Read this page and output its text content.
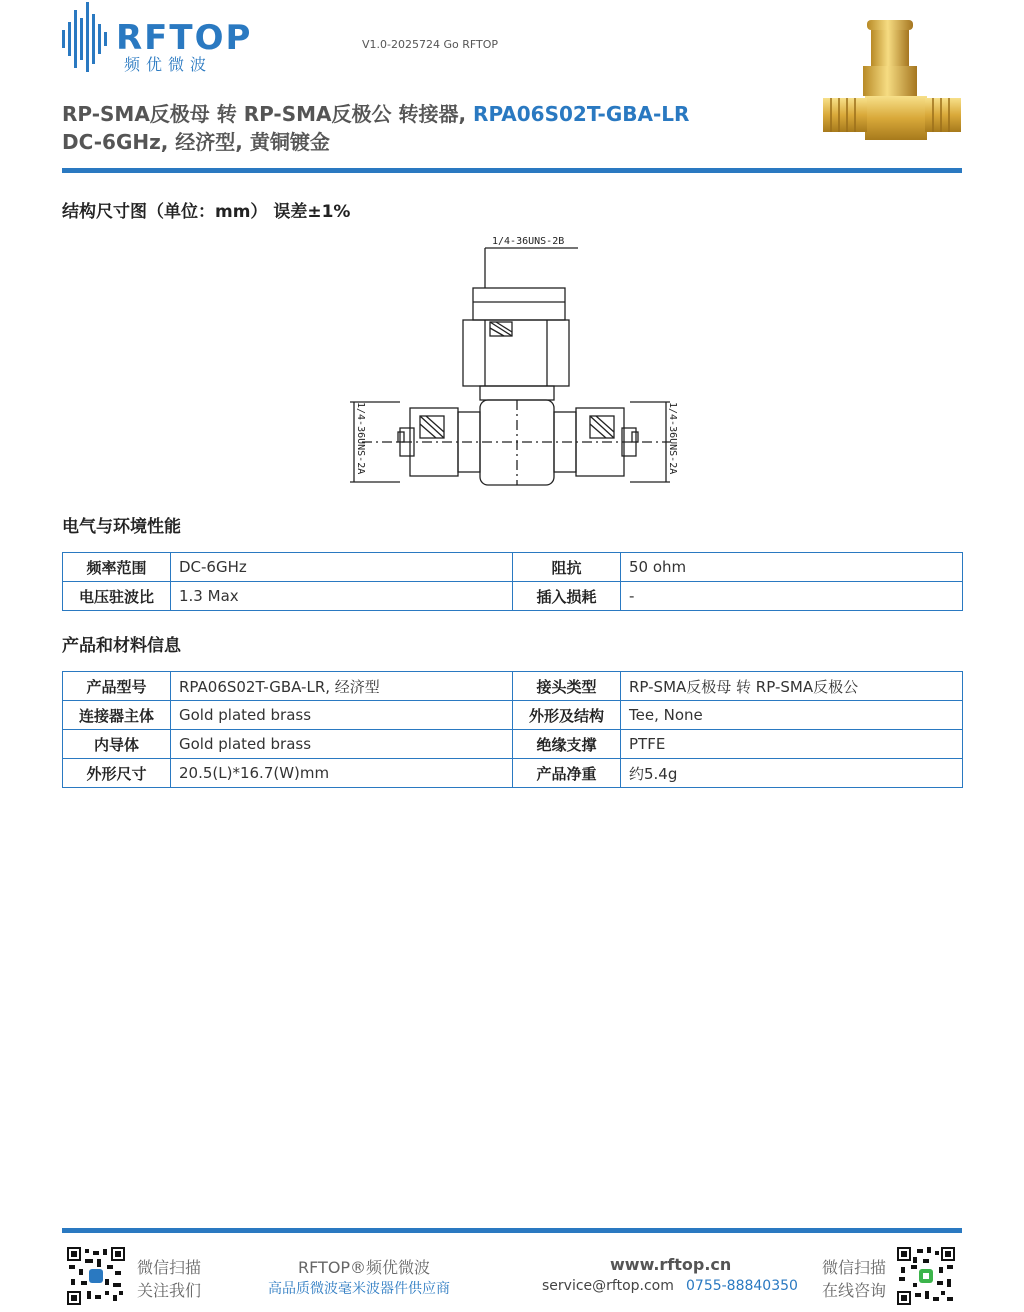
RFTOP
频优微波
V1.0-2025724 Go RFTOP
RP-SMA反极母 转 RP-SMA反极公 转接器, RPA06S02T-GBA-LR
DC-6GHz, 经济型, 黄铜镀金
结构尺寸图（单位：mm） 误差±1%
1/4-36UNS-2B
1/4-36UNS-2A	1/4-36UNS-2A
电气与环境性能
频率范围	DC-6GHz	阻抗	50 ohm
电压驻波比	1.3 Max	插入损耗	-
产品和材料信息
产品型号	RPA06S02T-GBA-LR, 经济型	接头类型	RP-SMA反极母 转 RP-SMA反极公
连接器主体	Gold plated brass	外形及结构	Tee, None
内导体	Gold plated brass	绝缘支撑	PTFE
外形尺寸	20.5(L)*16.7(W)mm	产品净重	约5.4g
微信扫描
关注我们
RFTOP®频优微波
高品质微波毫米波器件供应商
www.rftop.cn
service@rftop.com 0755-88840350
微信扫描
在线咨询
